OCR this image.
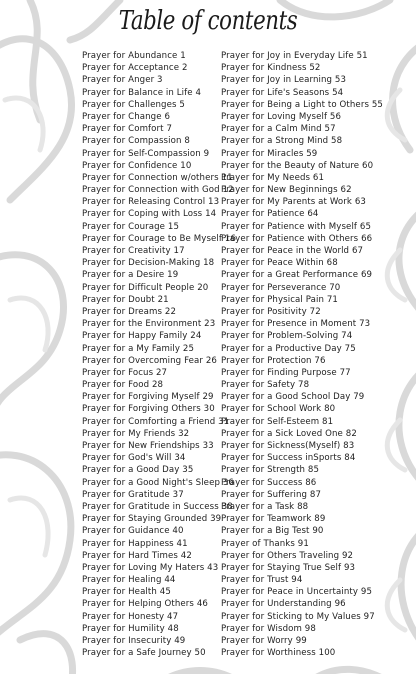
Table of contents
Prayer for Abundance 1
Prayer for Acceptance 2
Prayer for Anger 3
Prayer for Balance in Life 4
Prayer for Challenges 5
Prayer for Change 6
Prayer for Comfort 7
Prayer for Compassion 8
Prayer for Self-Compassion 9
Prayer for Confidence 10
Prayer for Connection w/others 11
Prayer for Connection with God 12
Prayer for Releasing Control 13
Prayer for Coping with Loss 14
Prayer for Courage 15
Prayer for Courage to Be Myself 16
Prayer for Creativity 17
Prayer for Decision-Making 18
Prayer for a Desire 19
Prayer for Difficult People 20
Prayer for Doubt 21
Prayer for Dreams 22
Prayer for the Environment 23
Prayer for Happy Family 24
Prayer for a My Family 25
Prayer for Overcoming Fear 26
Prayer for Focus 27
Prayer for Food 28
Prayer for Forgiving Myself 29
Prayer for Forgiving Others 30
Prayer for Comforting a Friend 31
Prayer for My Friends 32
Prayer for New Friendships 33
Prayer for God's Will 34
Prayer for a Good Day 35
Prayer for a Good Night's Sleep 36
Prayer for Gratitude 37
Prayer for Gratitude in Success 38
Prayer for Staying Grounded 39
Prayer for Guidance 40
Prayer for Happiness 41
Prayer for Hard Times 42
Prayer for Loving My Haters 43
Prayer for Healing 44
Prayer for Health 45
Prayer for Helping Others 46
Prayer for Honesty 47
Prayer for Humility 48
Prayer for Insecurity 49
Prayer for a Safe Journey 50
Prayer for Joy in Everyday Life 51
Prayer for Kindness 52
Prayer for Joy in Learning 53
Prayer for Life's Seasons 54
Prayer for Being a Light to Others 55
Prayer for Loving Myself 56
Prayer for a Calm Mind 57
Prayer for a Strong Mind 58
Prayer for Miracles 59
Prayer for the Beauty of Nature 60
Prayer for My Needs 61
Prayer for New Beginnings 62
Prayer for My Parents at Work 63
Prayer for Patience 64
Prayer for Patience with Myself 65
Prayer for Patience with Others 66
Prayer for Peace in the World 67
Prayer for Peace Within 68
Prayer for a Great Performance 69
Prayer for Perseverance 70
Prayer for Physical Pain 71
Prayer for Positivity 72
Prayer for Presence in Moment 73
Prayer for Problem-Solving 74
Prayer for a Productive Day 75
Prayer for Protection 76
Prayer for Finding Purpose 77
Prayer for Safety 78
Prayer for a Good School Day 79
Prayer for School Work 80
Prayer for Self-Esteem 81
Prayer for a Sick Loved One 82
Prayer for Sickness(Myself) 83
Prayer for Success inSports 84
Prayer for Strength 85
Prayer for Success 86
Prayer for Suffering 87
Prayer for a Task 88
Prayer for Teamwork 89
Prayer for a Big Test 90
Prayer of Thanks 91
Prayer for Others Traveling 92
Prayer for Staying True Self 93
Prayer for Trust 94
Prayer for Peace in Uncertainty 95
Prayer for Understanding 96
Prayer for Sticking to My Values 97
Prayer for Wisdom 98
Prayer for Worry 99
Prayer for Worthiness 100
